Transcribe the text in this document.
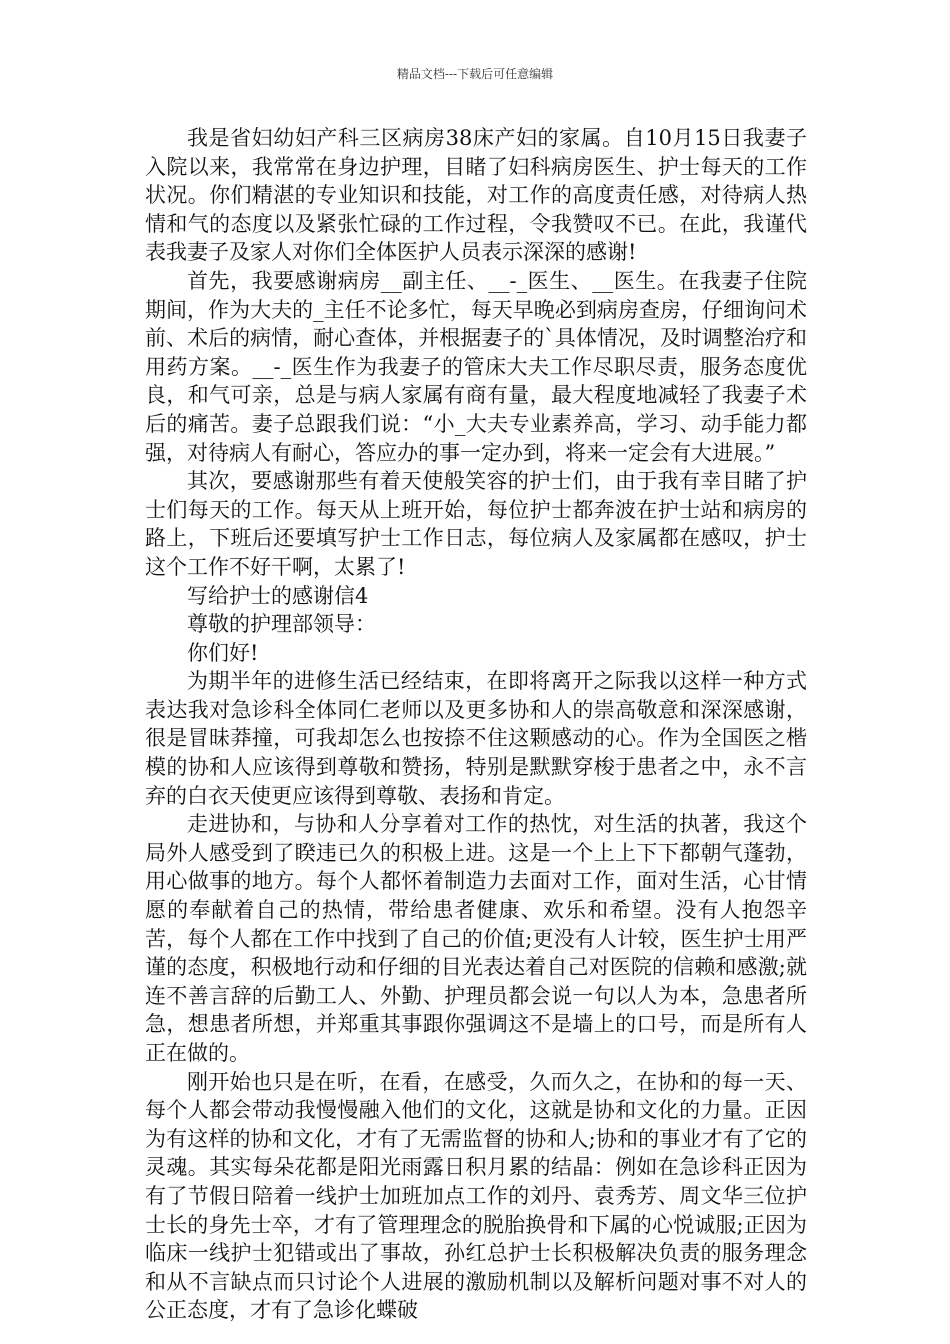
精品文档---下载后可任意编辑

我是省妇幼妇产科三区病房38床产妇的家属。自10月15日我妻子入院以来，我常常在身边护理，目睹了妇科病房医生、护士每天的工作状况。你们精湛的专业知识和技能，对工作的高度责任感，对待病人热情和气的态度以及紧张忙碌的工作过程，令我赞叹不已。在此，我谨代表我妻子及家人对你们全体医护人员表示深深的感谢!

首先，我要感谢病房__副主任、__-_医生、__医生。在我妻子住院期间，作为大夫的_主任不论多忙，每天早晚必到病房查房，仔细询问术前、术后的病情，耐心查体，并根据妻子的`具体情况，及时调整治疗和用药方案。__-_医生作为我妻子的管床大夫工作尽职尽责，服务态度优良，和气可亲，总是与病人家属有商有量，最大程度地减轻了我妻子术后的痛苦。妻子总跟我们说：“小_大夫专业素养高，学习、动手能力都强，对待病人有耐心，答应办的事一定办到，将来一定会有大进展。”

其次，要感谢那些有着天使般笑容的护士们，由于我有幸目睹了护士们每天的工作。每天从上班开始，每位护士都奔波在护士站和病房的路上，下班后还要填写护士工作日志，每位病人及家属都在感叹，护士这个工作不好干啊，太累了!

写给护士的感谢信4

尊敬的护理部领导：

你们好!

为期半年的进修生活已经结束，在即将离开之际我以这样一种方式表达我对急诊科全体同仁老师以及更多协和人的崇高敬意和深深感谢，很是冒昧莽撞，可我却怎么也按捺不住这颗感动的心。作为全国医之楷模的协和人应该得到尊敬和赞扬，特别是默默穿梭于患者之中，永不言弃的白衣天使更应该得到尊敬、表扬和肯定。

走进协和，与协和人分享着对工作的热忱，对生活的执著，我这个局外人感受到了睽违已久的积极上进。这是一个上上下下都朝气蓬勃，用心做事的地方。每个人都怀着制造力去面对工作，面对生活，心甘情愿的奉献着自己的热情，带给患者健康、欢乐和希望。没有人抱怨辛苦，每个人都在工作中找到了自己的价值;更没有人计较，医生护士用严谨的态度，积极地行动和仔细的目光表达着自己对医院的信赖和感激;就连不善言辞的后勤工人、外勤、护理员都会说一句以人为本，急患者所急，想患者所想，并郑重其事跟你强调这不是墙上的口号，而是所有人正在做的。

刚开始也只是在听，在看，在感受，久而久之，在协和的每一天、每个人都会带动我慢慢融入他们的文化，这就是协和文化的力量。正因为有这样的协和文化，才有了无需监督的协和人;协和的事业才有了它的灵魂。其实每朵花都是阳光雨露日积月累的结晶：例如在急诊科正因为有了节假日陪着一线护士加班加点工作的刘丹、袁秀芳、周文华三位护士长的身先士卒，才有了管理理念的脱胎换骨和下属的心悦诚服;正因为临床一线护士犯错或出了事故，孙红总护士长积极解决负责的服务理念和从不言缺点而只讨论个人进展的激励机制以及解析问题对事不对人的公正态度，才有了急诊化蝶破
